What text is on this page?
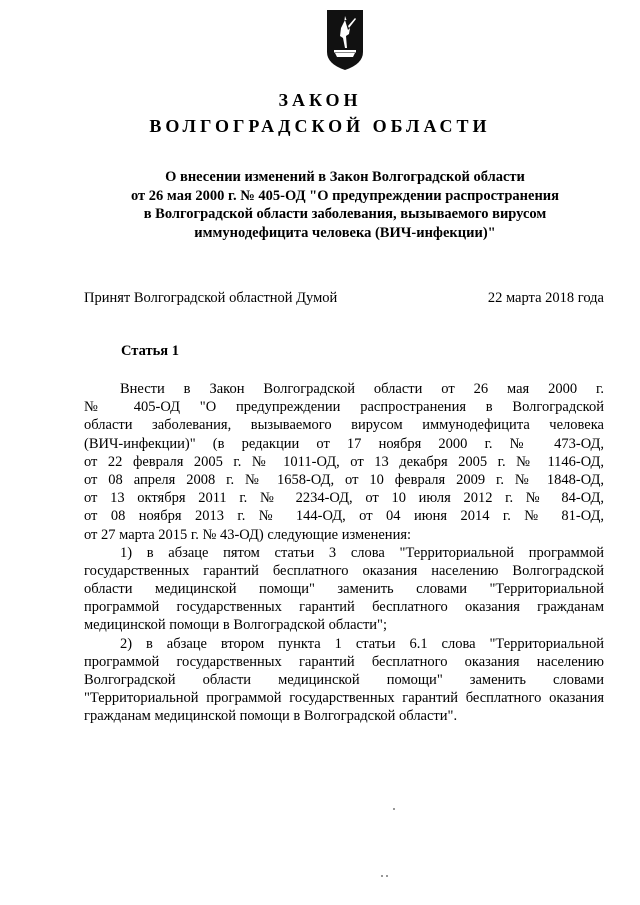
ЗАКОН
ВОЛГОГРАДСКОЙ ОБЛАСТИ
О внесении изменений в Закон Волгоградской области
от 26 мая 2000 г. № 405-ОД "О предупреждении распространения
в Волгоградской области заболевания, вызываемого вирусом
иммунодефицита человека (ВИЧ-инфекции)"
Принят Волгоградской областной Думой	22 марта 2018 года
Статья 1
Внести в Закон Волгоградской области от 26 мая 2000 г.
№ 405-ОД "О предупреждении распространения в Волгоградской
области заболевания, вызываемого вирусом иммунодефицита человека
(ВИЧ-инфекции)" (в редакции от 17 ноября 2000 г. № 473-ОД,
от 22 февраля 2005 г. № 1011-ОД, от 13 декабря 2005 г. № 1146-ОД,
от 08 апреля 2008 г. № 1658-ОД, от 10 февраля 2009 г. № 1848-ОД,
от 13 октября 2011 г. № 2234-ОД, от 10 июля 2012 г. № 84-ОД,
от 08 ноября 2013 г. № 144-ОД, от 04 июня 2014 г. № 81-ОД,
от 27 марта 2015 г. № 43-ОД) следующие изменения:
1) в абзаце пятом статьи 3 слова "Территориальной программой
государственных гарантий бесплатного оказания населению Волгоградской
области медицинской помощи" заменить словами "Территориальной
программой государственных гарантий бесплатного оказания гражданам
медицинской помощи в Волгоградской области";
2) в абзаце втором пункта 1 статьи 6.1 слова "Территориальной
программой государственных гарантий бесплатного оказания населению
Волгоградской области медицинской помощи" заменить словами
"Территориальной программой государственных гарантий бесплатного оказания
гражданам медицинской помощи в Волгоградской области".
